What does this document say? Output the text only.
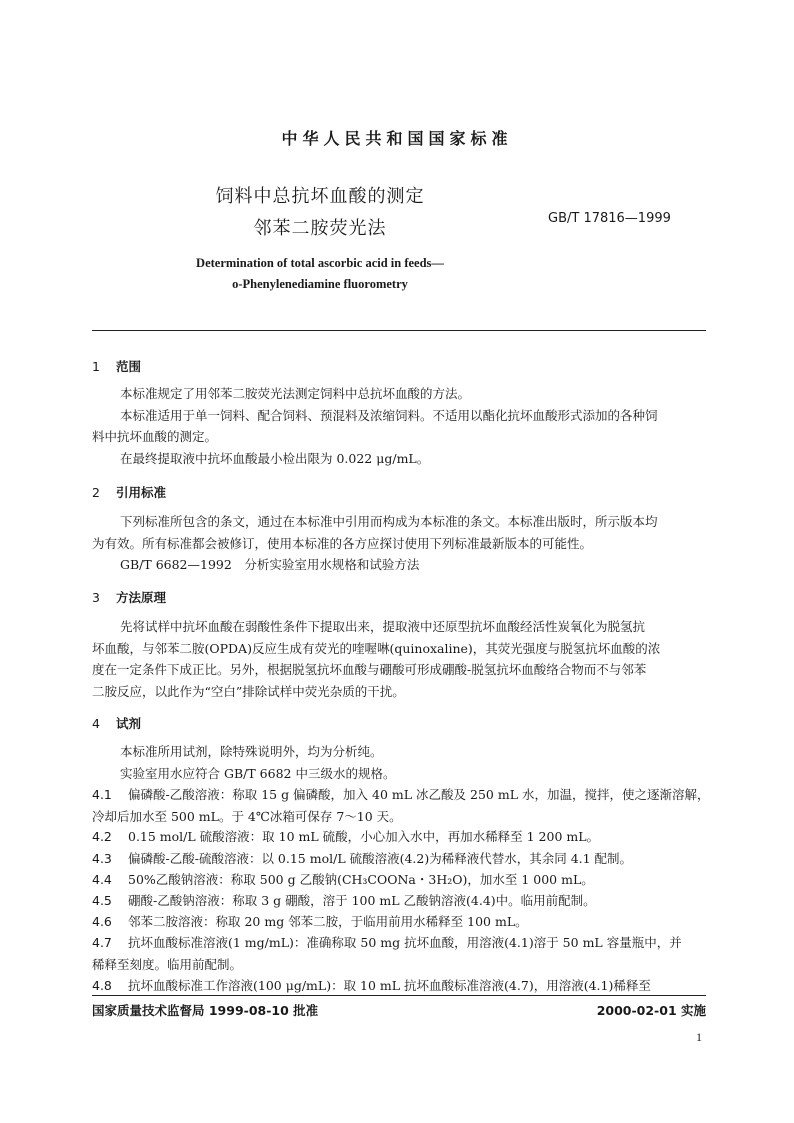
中华人民共和国国家标准
饲料中总抗坏血酸的测定
邻苯二胺荧光法	GB/T 17816—1999
Determination of total ascorbic acid in feeds—
o-Phenylenediamine fluorometry
1 范围
本标准规定了用邻苯二胺荧光法测定饲料中总抗坏血酸的方法。
本标准适用于单一饲料、配合饲料、预混料及浓缩饲料。不适用以酯化抗坏血酸形式添加的各种饲
料中抗坏血酸的测定。
在最终提取液中抗坏血酸最小检出限为 0.022 μg/mL。
2 引用标准
下列标准所包含的条文，通过在本标准中引用而构成为本标准的条文。本标准出版时，所示版本均
为有效。所有标准都会被修订，使用本标准的各方应探讨使用下列标准最新版本的可能性。
GB/T 6682—1992　分析实验室用水规格和试验方法
3 方法原理
先将试样中抗坏血酸在弱酸性条件下提取出来，提取液中还原型抗坏血酸经活性炭氧化为脱氢抗
坏血酸，与邻苯二胺(OPDA)反应生成有荧光的喹喔啉(quinoxaline)，其荧光强度与脱氢抗坏血酸的浓
度在一定条件下成正比。另外，根据脱氢抗坏血酸与硼酸可形成硼酸-脱氢抗坏血酸络合物而不与邻苯
二胺反应，以此作为“空白”排除试样中荧光杂质的干扰。
4 试剂
本标准所用试剂，除特殊说明外，均为分析纯。
实验室用水应符合 GB/T 6682 中三级水的规格。
4.1 偏磷酸-乙酸溶液：称取 15 g 偏磷酸，加入 40 mL 冰乙酸及 250 mL 水，加温，搅拌，使之逐渐溶解，
冷却后加水至 500 mL。于 4℃冰箱可保存 7～10 天。
4.2 0.15 mol/L 硫酸溶液：取 10 mL 硫酸，小心加入水中，再加水稀释至 1 200 mL。
4.3 偏磷酸-乙酸-硫酸溶液：以 0.15 mol/L 硫酸溶液(4.2)为稀释液代替水，其余同 4.1 配制。
4.4 50%乙酸钠溶液：称取 500 g 乙酸钠(CH₃COONa・3H₂O)，加水至 1 000 mL。
4.5 硼酸-乙酸钠溶液：称取 3 g 硼酸，溶于 100 mL 乙酸钠溶液(4.4)中。临用前配制。
4.6 邻苯二胺溶液：称取 20 mg 邻苯二胺，于临用前用水稀释至 100 mL。
4.7 抗坏血酸标准溶液(1 mg/mL)：准确称取 50 mg 抗坏血酸，用溶液(4.1)溶于 50 mL 容量瓶中，并
稀释至刻度。临用前配制。
4.8 抗坏血酸标准工作溶液(100 μg/mL)：取 10 mL 抗坏血酸标准溶液(4.7)，用溶液(4.1)稀释至
国家质量技术监督局 1999-08-10 批准	2000-02-01 实施
1
